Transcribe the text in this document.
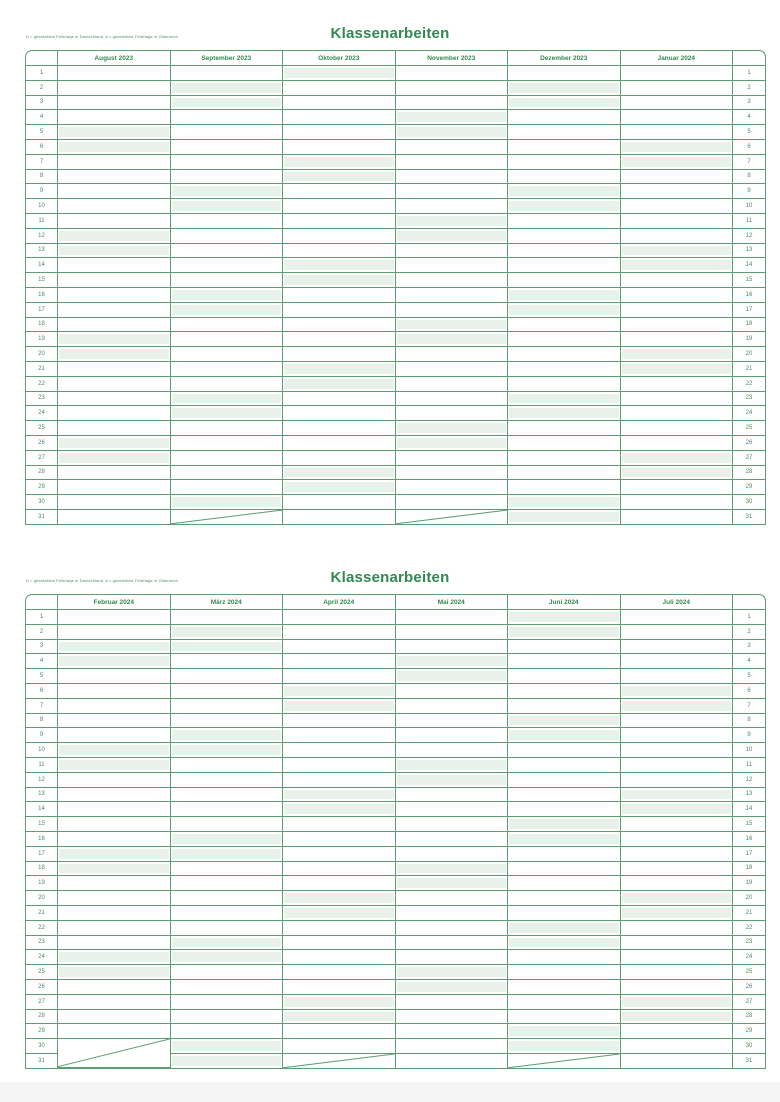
D = gesetzliche Feiertage in Deutschland, A = gesetzliche Feiertage in Österreich	Klassenarbeiten
	August 2023	September 2023	Oktober 2023	November 2023	Dezember 2023	Januar 2024	
1							1
2							2
3							3
4							4
5							5
6							6
7							7
8							8
9							9
10							10
11							11
12							12
13							13
14							14
15							15
16							16
17							17
18							18
19							19
20							20
21							21
22							22
23							23
24							24
25							25
26							26
27							27
28							28
29							29
30							30
31							31
D = gesetzliche Feiertage in Deutschland, A = gesetzliche Feiertage in Österreich	Klassenarbeiten
	Februar 2024	März 2024	April 2024	Mai 2024	Juni 2024	Juli 2024	
1							1
2							2
3							3
4							4
5							5
6							6
7							7
8							8
9							9
10							10
11							11
12							12
13							13
14							14
15							15
16							16
17							17
18							18
19							19
20							20
21							21
22							22
23							23
24							24
25							25
26							26
27							27
28							28
29							29
30							30
31							31
